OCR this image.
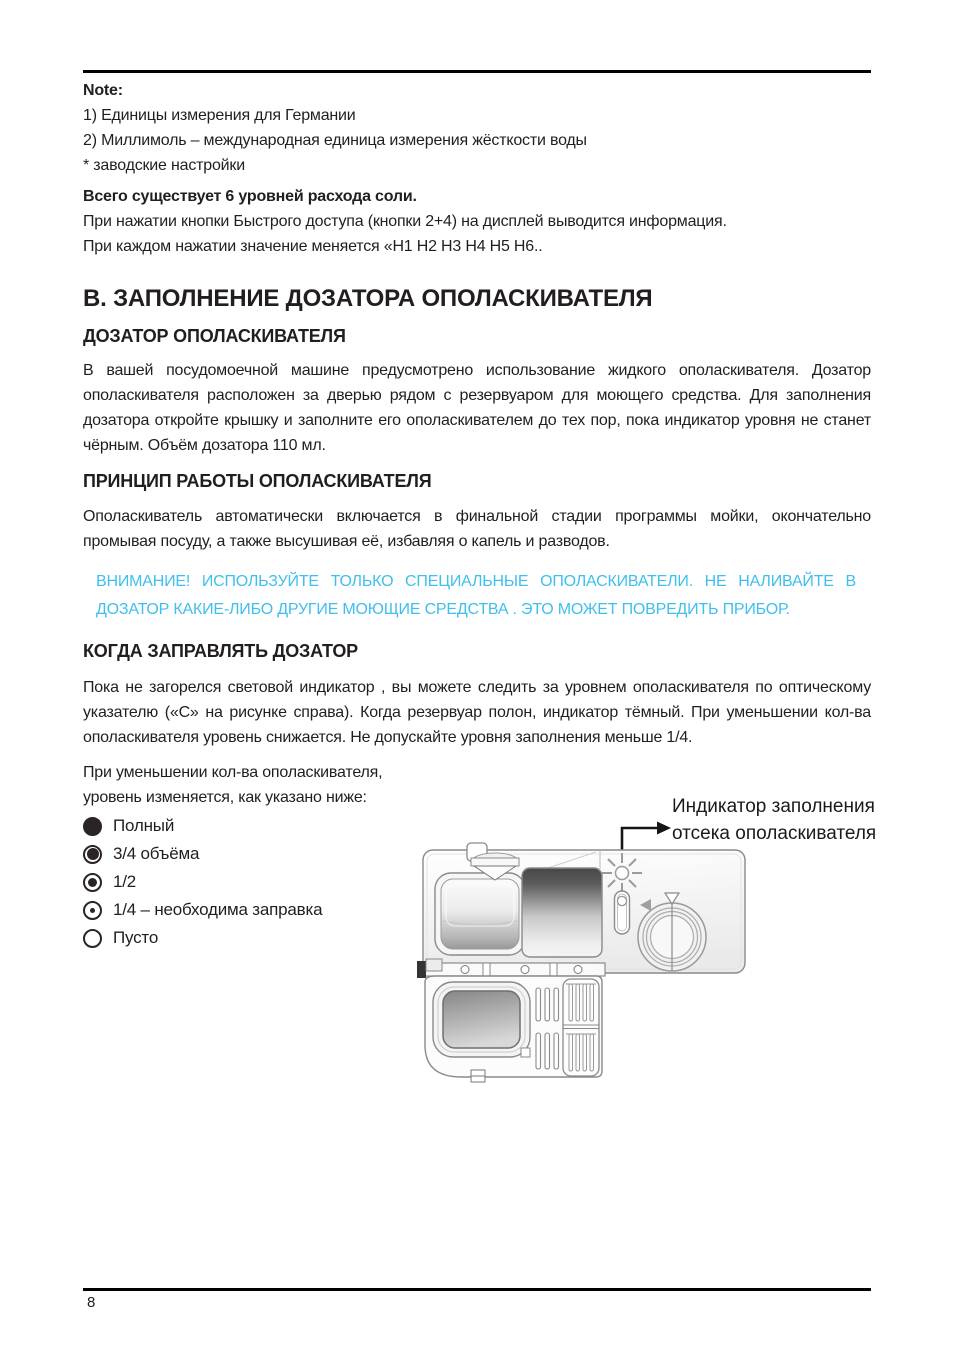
Note:

1) Единицы измерения для Германии

2) Миллимоль – международная единица измерения жёсткости воды

* заводские настройки

Всего существует 6 уровней расхода соли.

При нажатии кнопки Быстрого доступа (кнопки 2+4) на дисплей выводится информация.

При каждом нажатии значение меняется «H1 H2 H3 H4 H5 H6..

B. ЗАПОЛНЕНИЕ ДОЗАТОРА ОПОЛАСКИВАТЕЛЯ
ДОЗАТОР ОПОЛАСКИВАТЕЛЯ

В вашей посудомоечной машине предусмотрено использование жидкого ополаскивателя. Дозатор ополаскивателя расположен за дверью рядом с резервуаром для моющего средства. Для заполнения дозатора откройте крышку и заполните его ополаскивателем до тех пор, пока индикатор уровня не станет чёрным. Объём дозатора 110 мл.

ПРИНЦИП РАБОТЫ ОПОЛАСКИВАТЕЛЯ

Ополаскиватель автоматически включается в финальной стадии программы мойки, окончательно промывая посуду, а также высушивая её, избавляя о капель и разводов.

ВНИМАНИЕ! ИСПОЛЬЗУЙТЕ ТОЛЬКО СПЕЦИАЛЬНЫЕ ОПОЛАСКИВАТЕЛИ. НЕ НАЛИВАЙТЕ В ДОЗАТОР КАКИЕ-ЛИБО ДРУГИЕ МОЮЩИЕ СРЕДСТВА . ЭТО МОЖЕТ ПОВРЕДИТЬ ПРИБОР.

КОГДА ЗАПРАВЛЯТЬ ДОЗАТОР

Пока не загорелся световой индикатор , вы можете следить за уровнем ополаскивателя по оптическому указателю («С» на рисунке справа). Когда резервуар полон, индикатор тёмный. При уменьшении кол-ва ополаскивателя уровень снижается. Не допускайте уровня заполнения меньше 1/4.

При уменьшении кол-ва ополаскивателя,

уровень изменяется, как указано ниже:

Полный
3/4 объёма
1/2
1/4 – необходима заправка
Пусто

Индикатор заполнения

отсека ополаскивателя

8
